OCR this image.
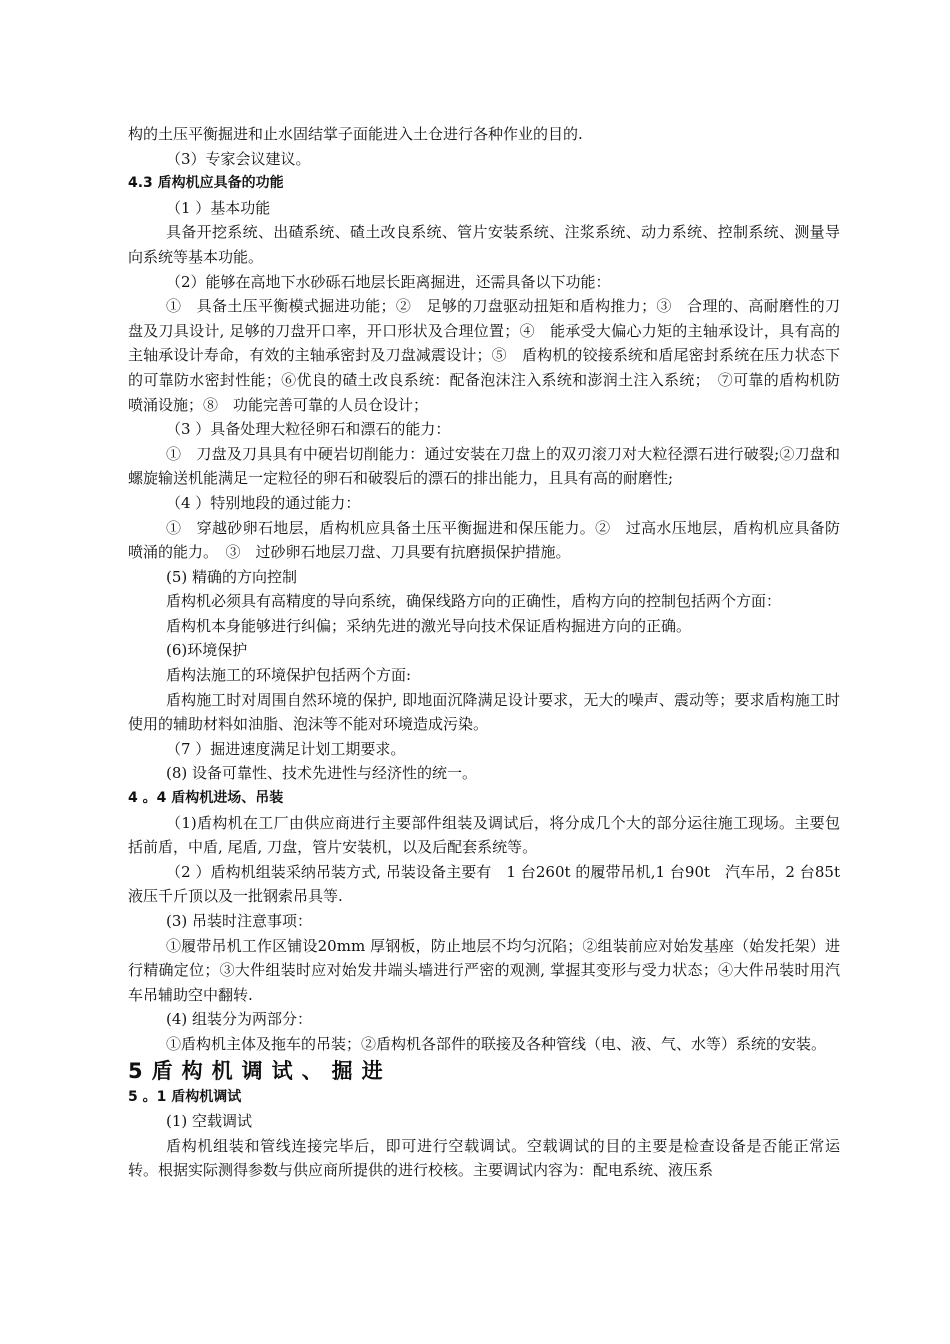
构的土压平衡掘进和止水固结掌子面能进入土仓进行各种作业的目的.

（3）专家会议建议。

4.3 盾构机应具备的功能

（1 ）基本功能

具备开挖系统、出碴系统、碴土改良系统、管片安装系统、注浆系统、动力系统、控制系统、测量导向系统等基本功能。

（2）能够在高地下水砂砾石地层长距离掘进，还需具备以下功能：

①　具备土压平衡模式掘进功能；②　足够的刀盘驱动扭矩和盾构推力；③　合理的、高耐磨性的刀盘及刀具设计, 足够的刀盘开口率，开口形状及合理位置；④　能承受大偏心力矩的主轴承设计，具有高的主轴承设计寿命，有效的主轴承密封及刀盘减震设计；⑤　盾构机的铰接系统和盾尾密封系统在压力状态下的可靠防水密封性能；⑥优良的碴土改良系统：配备泡沫注入系统和澎润土注入系统；　⑦可靠的盾构机防喷涌设施；⑧　功能完善可靠的人员仓设计；

（3 ）具备处理大粒径卵石和漂石的能力：

①　刀盘及刀具具有中硬岩切削能力：通过安装在刀盘上的双刃滚刀对大粒径漂石进行破裂;②刀盘和螺旋输送机能满足一定粒径的卵石和破裂后的漂石的排出能力，且具有高的耐磨性;

（4 ）特别地段的通过能力：

①　穿越砂卵石地层，盾构机应具备土压平衡掘进和保压能力。②　过高水压地层，盾构机应具备防喷涌的能力。　③　过砂卵石地层刀盘、刀具要有抗磨损保护措施。

(5) 精确的方向控制

盾构机必须具有高精度的导向系统，确保线路方向的正确性，盾构方向的控制包括两个方面：

盾构机本身能够进行纠偏；采纳先进的激光导向技术保证盾构掘进方向的正确。

(6)环境保护

盾构法施工的环境保护包括两个方面:

盾构施工时对周围自然环境的保护, 即地面沉降满足设计要求，无大的噪声、震动等；要求盾构施工时使用的辅助材料如油脂、泡沫等不能对环境造成污染。

（7 ）掘进速度满足计划工期要求。

(8) 设备可靠性、技术先进性与经济性的统一。

4 。4 盾构机进场、吊装

（1)盾构机在工厂由供应商进行主要部件组装及调试后，将分成几个大的部分运往施工现场。主要包括前盾，中盾, 尾盾, 刀盘，管片安装机，以及后配套系统等。

（2 ）盾构机组装采纳吊装方式, 吊装设备主要有　1 台260t 的履带吊机,1 台90t　汽车吊，2 台85t　液压千斤顶以及一批钢索吊具等.

(3) 吊装时注意事项：

①履带吊机工作区铺设20mm 厚钢板，防止地层不均匀沉陷；②组装前应对始发基座（始发托架）进行精确定位；③大件组装时应对始发井端头墙进行严密的观测, 掌握其变形与受力状态；④大件吊装时用汽车吊辅助空中翻转.

(4) 组装分为两部分：

①盾构机主体及拖车的吊装；②盾构机各部件的联接及各种管线（电、液、气、水等）系统的安装。

5盾构机调试、掘进

5 。1 盾构机调试

(1) 空载调试

盾构机组装和管线连接完毕后，即可进行空载调试。空载调试的目的主要是检查设备是否能正常运转。根据实际测得参数与供应商所提供的进行校核。主要调试内容为：配电系统、液压系
